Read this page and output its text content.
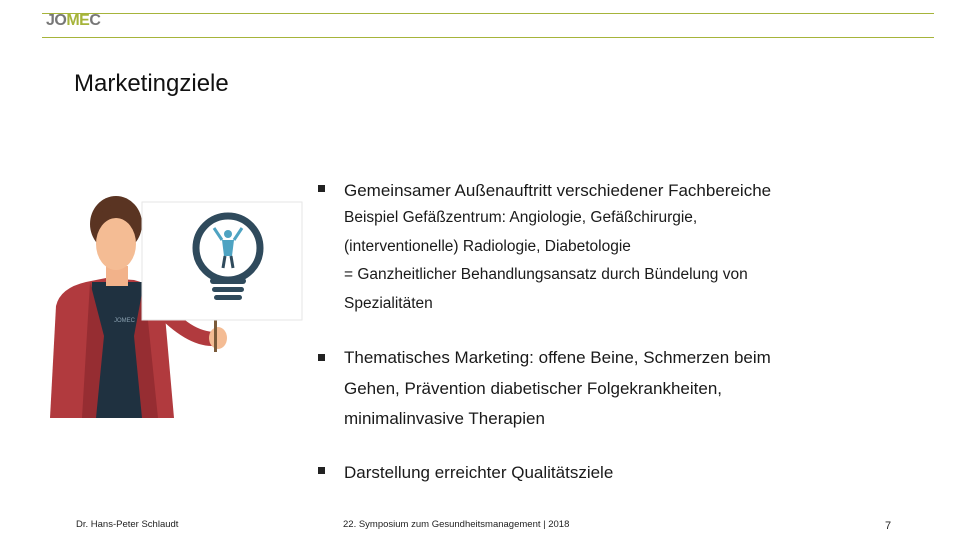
JOMEC
Marketingziele
JOMEC
Gemeinsamer Außenauftritt verschiedener Fachbereiche
Beispiel Gefäßzentrum: Angiologie, Gefäßchirurgie,
(interventionelle) Radiologie, Diabetologie
= Ganzheitlicher Behandlungsansatz durch Bündelung von
Spezialitäten
Thematisches Marketing: offene Beine, Schmerzen beim
Gehen, Prävention diabetischer Folgekrankheiten,
minimalinvasive Therapien
Darstellung erreichter Qualitätsziele
Dr. Hans-Peter Schlaudt	22. Symposium zum Gesundheitsmanagement | 2018	7
